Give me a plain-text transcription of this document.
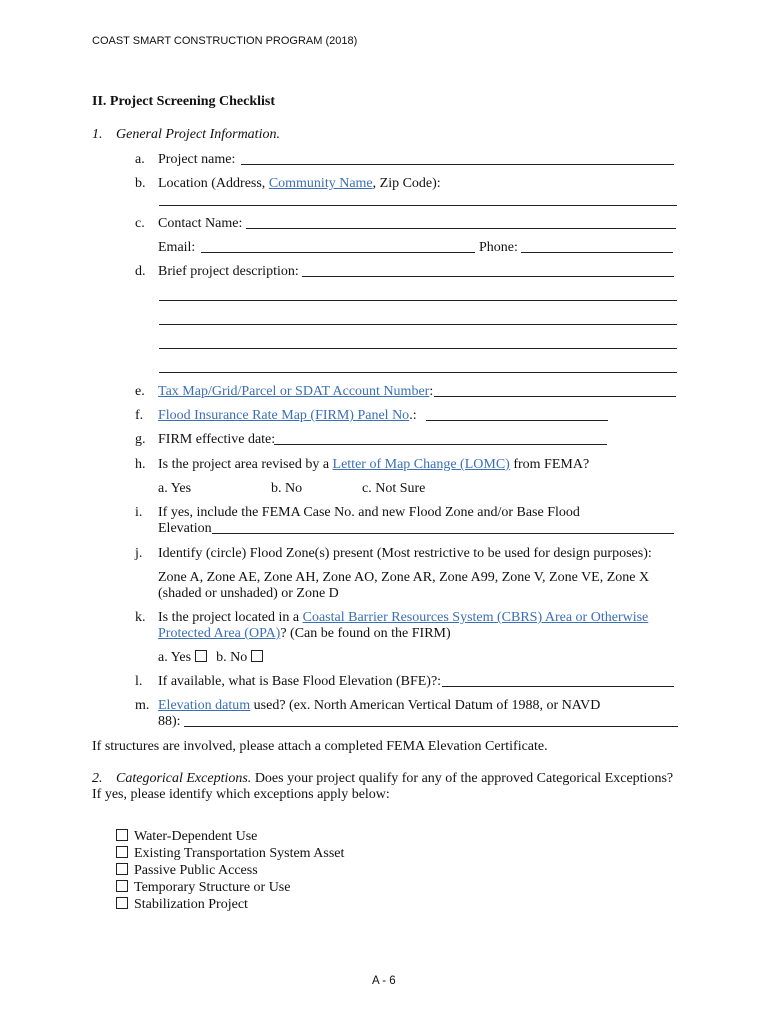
COAST SMART CONSTRUCTION PROGRAM (2018)
II. Project Screening Checklist
1. General Project Information.
a. Project name:
b. Location (Address, Community Name, Zip Code):
c. Contact Name:
Email:	Phone:
d. Brief project description:
e. Tax Map/Grid/Parcel or SDAT Account Number:
f. Flood Insurance Rate Map (FIRM) Panel No.:
g. FIRM effective date:
h. Is the project area revised by a Letter of Map Change (LOMC) from FEMA?
a. Yes	b. No	c. Not Sure
i. If yes, include the FEMA Case No. and new Flood Zone and/or Base Flood
Elevation
j. Identify (circle) Flood Zone(s) present (Most restrictive to be used for design purposes):
Zone A, Zone AE, Zone AH, Zone AO, Zone AR, Zone A99, Zone V, Zone VE, Zone X
(shaded or unshaded) or Zone D
k. Is the project located in a Coastal Barrier Resources System (CBRS) Area or Otherwise
Protected Area (OPA)? (Can be found on the FIRM)
a. Yes b. No
l. If available, what is Base Flood Elevation (BFE)?:
m. Elevation datum used? (ex. North American Vertical Datum of 1988, or NAVD
88):
If structures are involved, please attach a completed FEMA Elevation Certificate.
2. Categorical Exceptions. Does your project qualify for any of the approved Categorical Exceptions?
If yes, please identify which exceptions apply below:
Water-Dependent Use
Existing Transportation System Asset
Passive Public Access
Temporary Structure or Use
Stabilization Project
A - 6
